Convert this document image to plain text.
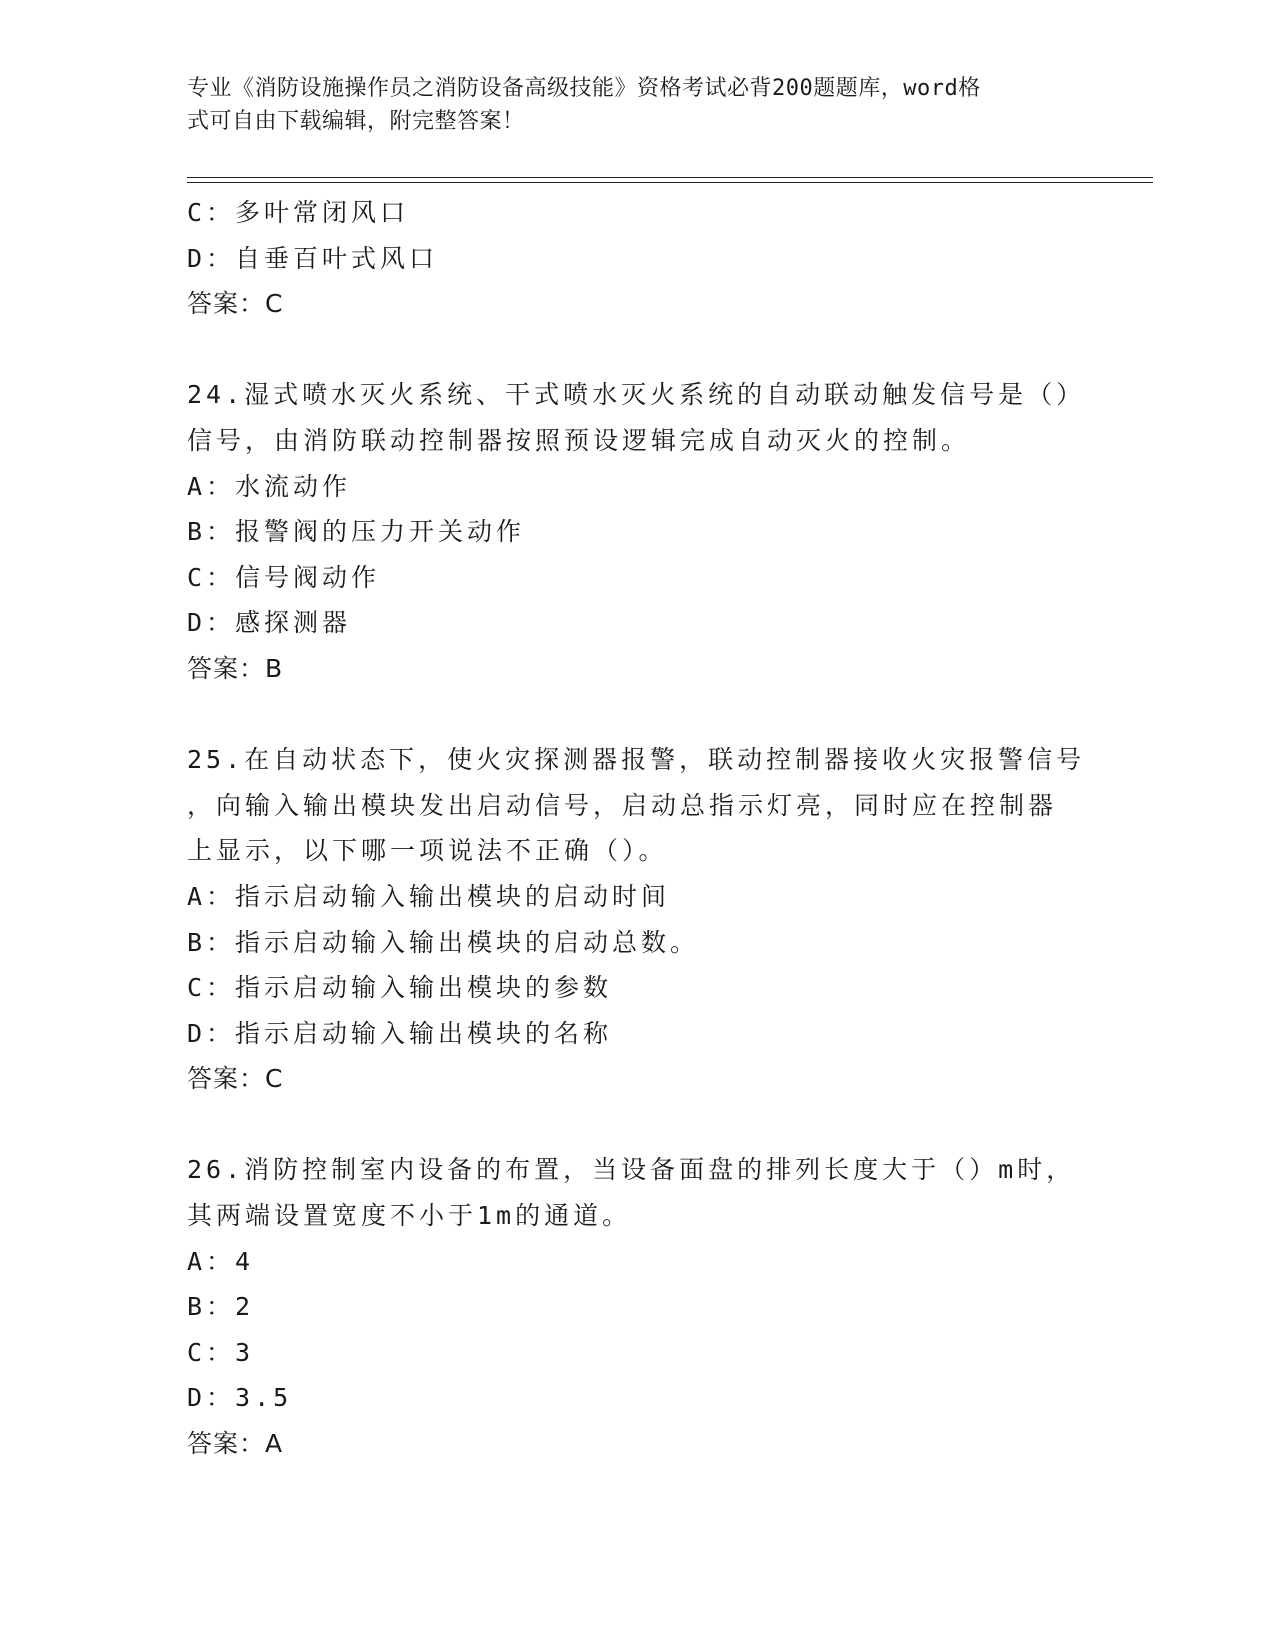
专业《消防设施操作员之消防设备高级技能》资格考试必背200题题库，word格
式可自由下载编辑，附完整答案！
C：多叶常闭风口
D：自垂百叶式风口
答案：C
24.湿式喷水灭火系统、干式喷水灭火系统的自动联动触发信号是（）
信号，由消防联动控制器按照预设逻辑完成自动灭火的控制。
A：水流动作
B：报警阀的压力开关动作
C：信号阀动作
D：感探测器
答案：B
25.在自动状态下，使火灾探测器报警，联动控制器接收火灾报警信号
，向输入输出模块发出启动信号，启动总指示灯亮，同时应在控制器
上显示，以下哪一项说法不正确（）。
A：指示启动输入输出模块的启动时间
B：指示启动输入输出模块的启动总数。
C：指示启动输入输出模块的参数
D：指示启动输入输出模块的名称
答案：C
26.消防控制室内设备的布置，当设备面盘的排列长度大于（）m时，
其两端设置宽度不小于1m的通道。
A：4
B：2
C：3
D：3.5
答案：A
